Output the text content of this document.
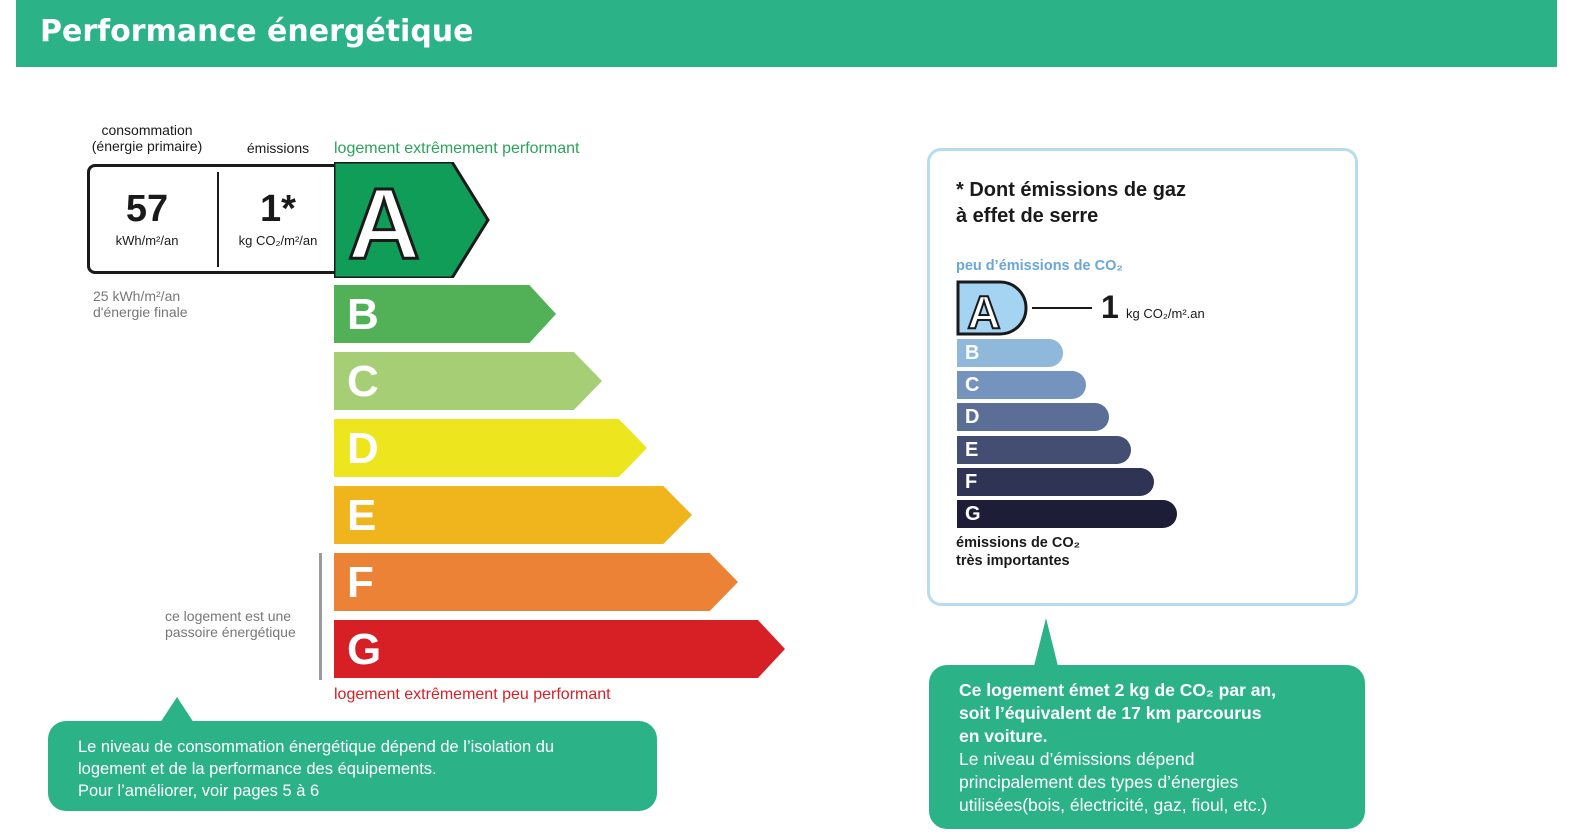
Performance énergétique
consommation
(énergie primaire)	émissions	logement extrêmement performant
57
kWh/m²/an
1*
kg CO₂/m²/an
25 kWh/m²/an
d'énergie finale
A
B
C
D
E
F
G
ce logement est une
passoire énergétique
logement extrêmement peu performant
Le niveau de consommation énergétique dépend de l’isolation du
logement et de la performance des équipements.
Pour l’améliorer, voir pages 5 à 6
* Dont émissions de gaz
à effet de serre
peu d’émissions de CO₂
A	1 kg CO₂/m².an
B
C
D
E
F
G
émissions de CO₂
très importantes
Ce logement émet 2 kg de CO₂ par an,
soit l’équivalent de 17 km parcourus
en voiture.
Le niveau d’émissions dépend
principalement des types d’énergies
utilisées(bois, électricité, gaz, fioul, etc.)
